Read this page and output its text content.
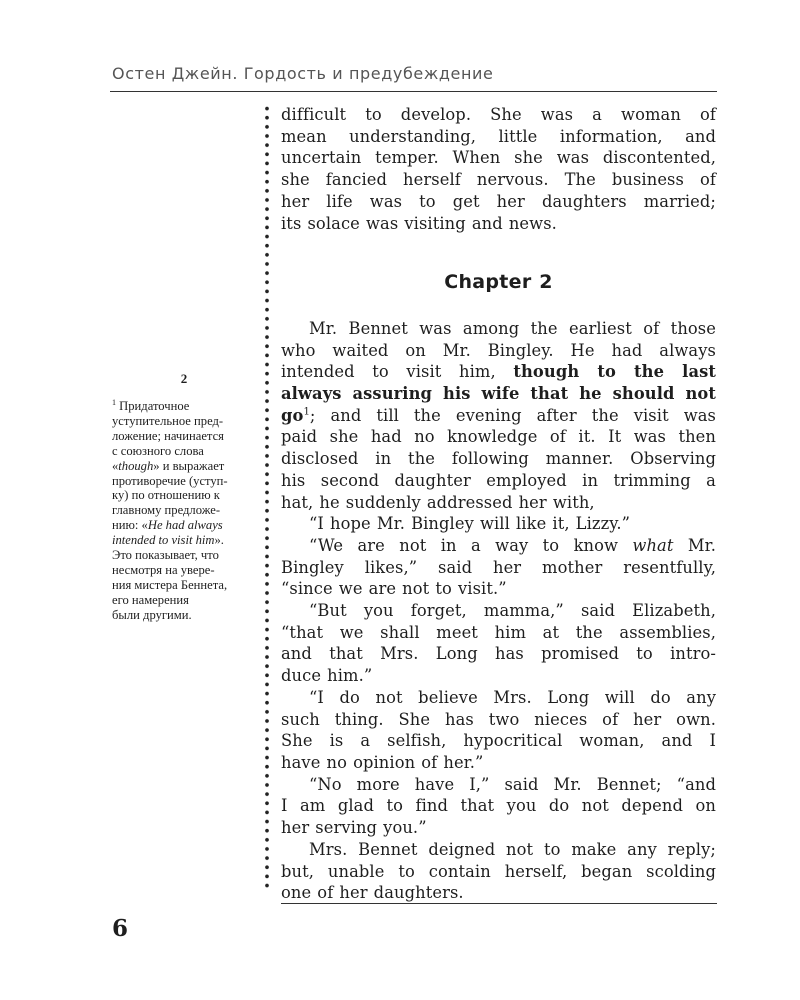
Остен Джейн. Гордость и предубеждение
2
$^1$ Придаточное
уступительное пред-
ложение; начинается
с союзного слова
«though» и выражает
противоречие (уступ-
ку) по отношению к
главному предложе-
нию: «He had always
intended to visit him».
Это показывает, что
несмотря на увере-
ния мистера Беннета,
его намерения
были другими.

difficult to develop. She was a woman of

mean understanding, little information, and

uncertain temper. When she was discontented,

she fancied herself nervous. The business of

her life was to get her daughters married;

its solace was visiting and news.

Chapter 2

Mr. Bennet was among the earliest of those

who waited on Mr. Bingley. He had always

intended to visit him, though to the last

always assuring his wife that he should not

$go^1$; and till the evening after the visit was

paid she had no knowledge of it. It was then

disclosed in the following manner. Observing

his second daughter employed in trimming a

hat, he suddenly addressed her with,

“I hope Mr. Bingley will like it, Lizzy.”

“We are not in a way to know what Mr.

Bingley likes,” said her mother resentfully,

“since we are not to visit.”

“But you forget, mamma,” said Elizabeth,

“that we shall meet him at the assemblies,

and that Mrs. Long has promised to intro-

duce him.”

“I do not believe Mrs. Long will do any

such thing. She has two nieces of her own.

She is a selfish, hypocritical woman, and I

have no opinion of her.”

“No more have I,” said Mr. Bennet; “and

I am glad to find that you do not depend on

her serving you.”

Mrs. Bennet deigned not to make any reply;

but, unable to contain herself, began scolding

one of her daughters.

6
